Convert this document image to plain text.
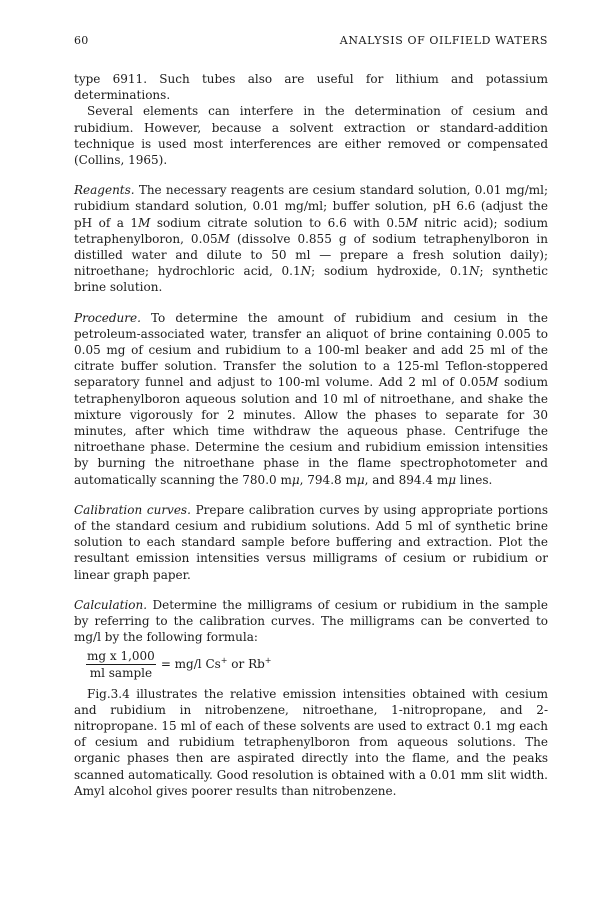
60	ANALYSIS OF OILFIELD WATERS

type 6911. Such tubes also are useful for lithium and potassium determinations.

Several elements can interfere in the determination of cesium and rubidium. However, because a solvent extraction or standard-addition technique is used most interferences are either removed or compensated (Collins, 1965).

Reagents. The necessary reagents are cesium standard solution, 0.01 mg/ml; rubidium standard solution, 0.01 mg/ml; buffer solution, pH 6.6 (adjust the pH of a 1M sodium citrate solution to 6.6 with 0.5M nitric acid); sodium tetraphenylboron, 0.05M (dissolve 0.855 g of sodium tetraphenylboron in distilled water and dilute to 50 ml — prepare a fresh solution daily); nitroethane; hydrochloric acid, 0.1N; sodium hydroxide, 0.1N; synthetic brine solution.

Procedure. To determine the amount of rubidium and cesium in the petroleum-associated water, transfer an aliquot of brine containing 0.005 to 0.05 mg of cesium and rubidium to a 100-ml beaker and add 25 ml of the citrate buffer solution. Transfer the solution to a 125-ml Teflon-stoppered separatory funnel and adjust to 100-ml volume. Add 2 ml of 0.05M sodium tetraphenylboron aqueous solution and 10 ml of nitroethane, and shake the mixture vigorously for 2 minutes. Allow the phases to separate for 30 minutes, after which time withdraw the aqueous phase. Centrifuge the nitroethane phase. Determine the cesium and rubidium emission intensities by burning the nitroethane phase in the flame spectrophotometer and automatically scanning the 780.0 mμ, 794.8 mμ, and 894.4 mμ lines.

Calibration curves. Prepare calibration curves by using appropriate portions of the standard cesium and rubidium solutions. Add 5 ml of synthetic brine solution to each standard sample before buffering and extraction. Plot the resultant emission intensities versus milligrams of cesium or rubidium or linear graph paper.

Calculation. Determine the milligrams of cesium or rubidium in the sample by referring to the calibration curves. The milligrams can be converted to mg/l by the following formula:

$\frac{\text{mg x 1,000}}{\text{ml sample}} = mg/l$ Cs+ or Rb+

Fig.3.4 illustrates the relative emission intensities obtained with cesium and rubidium in nitrobenzene, nitroethane, 1-nitropropane, and 2-nitropropane. 15 ml of each of these solvents are used to extract 0.1 mg each of cesium and rubidium tetraphenylboron from aqueous solutions. The organic phases then are aspirated directly into the flame, and the peaks scanned automatically. Good resolution is obtained with a 0.01 mm slit width. Amyl alcohol gives poorer results than nitrobenzene.
